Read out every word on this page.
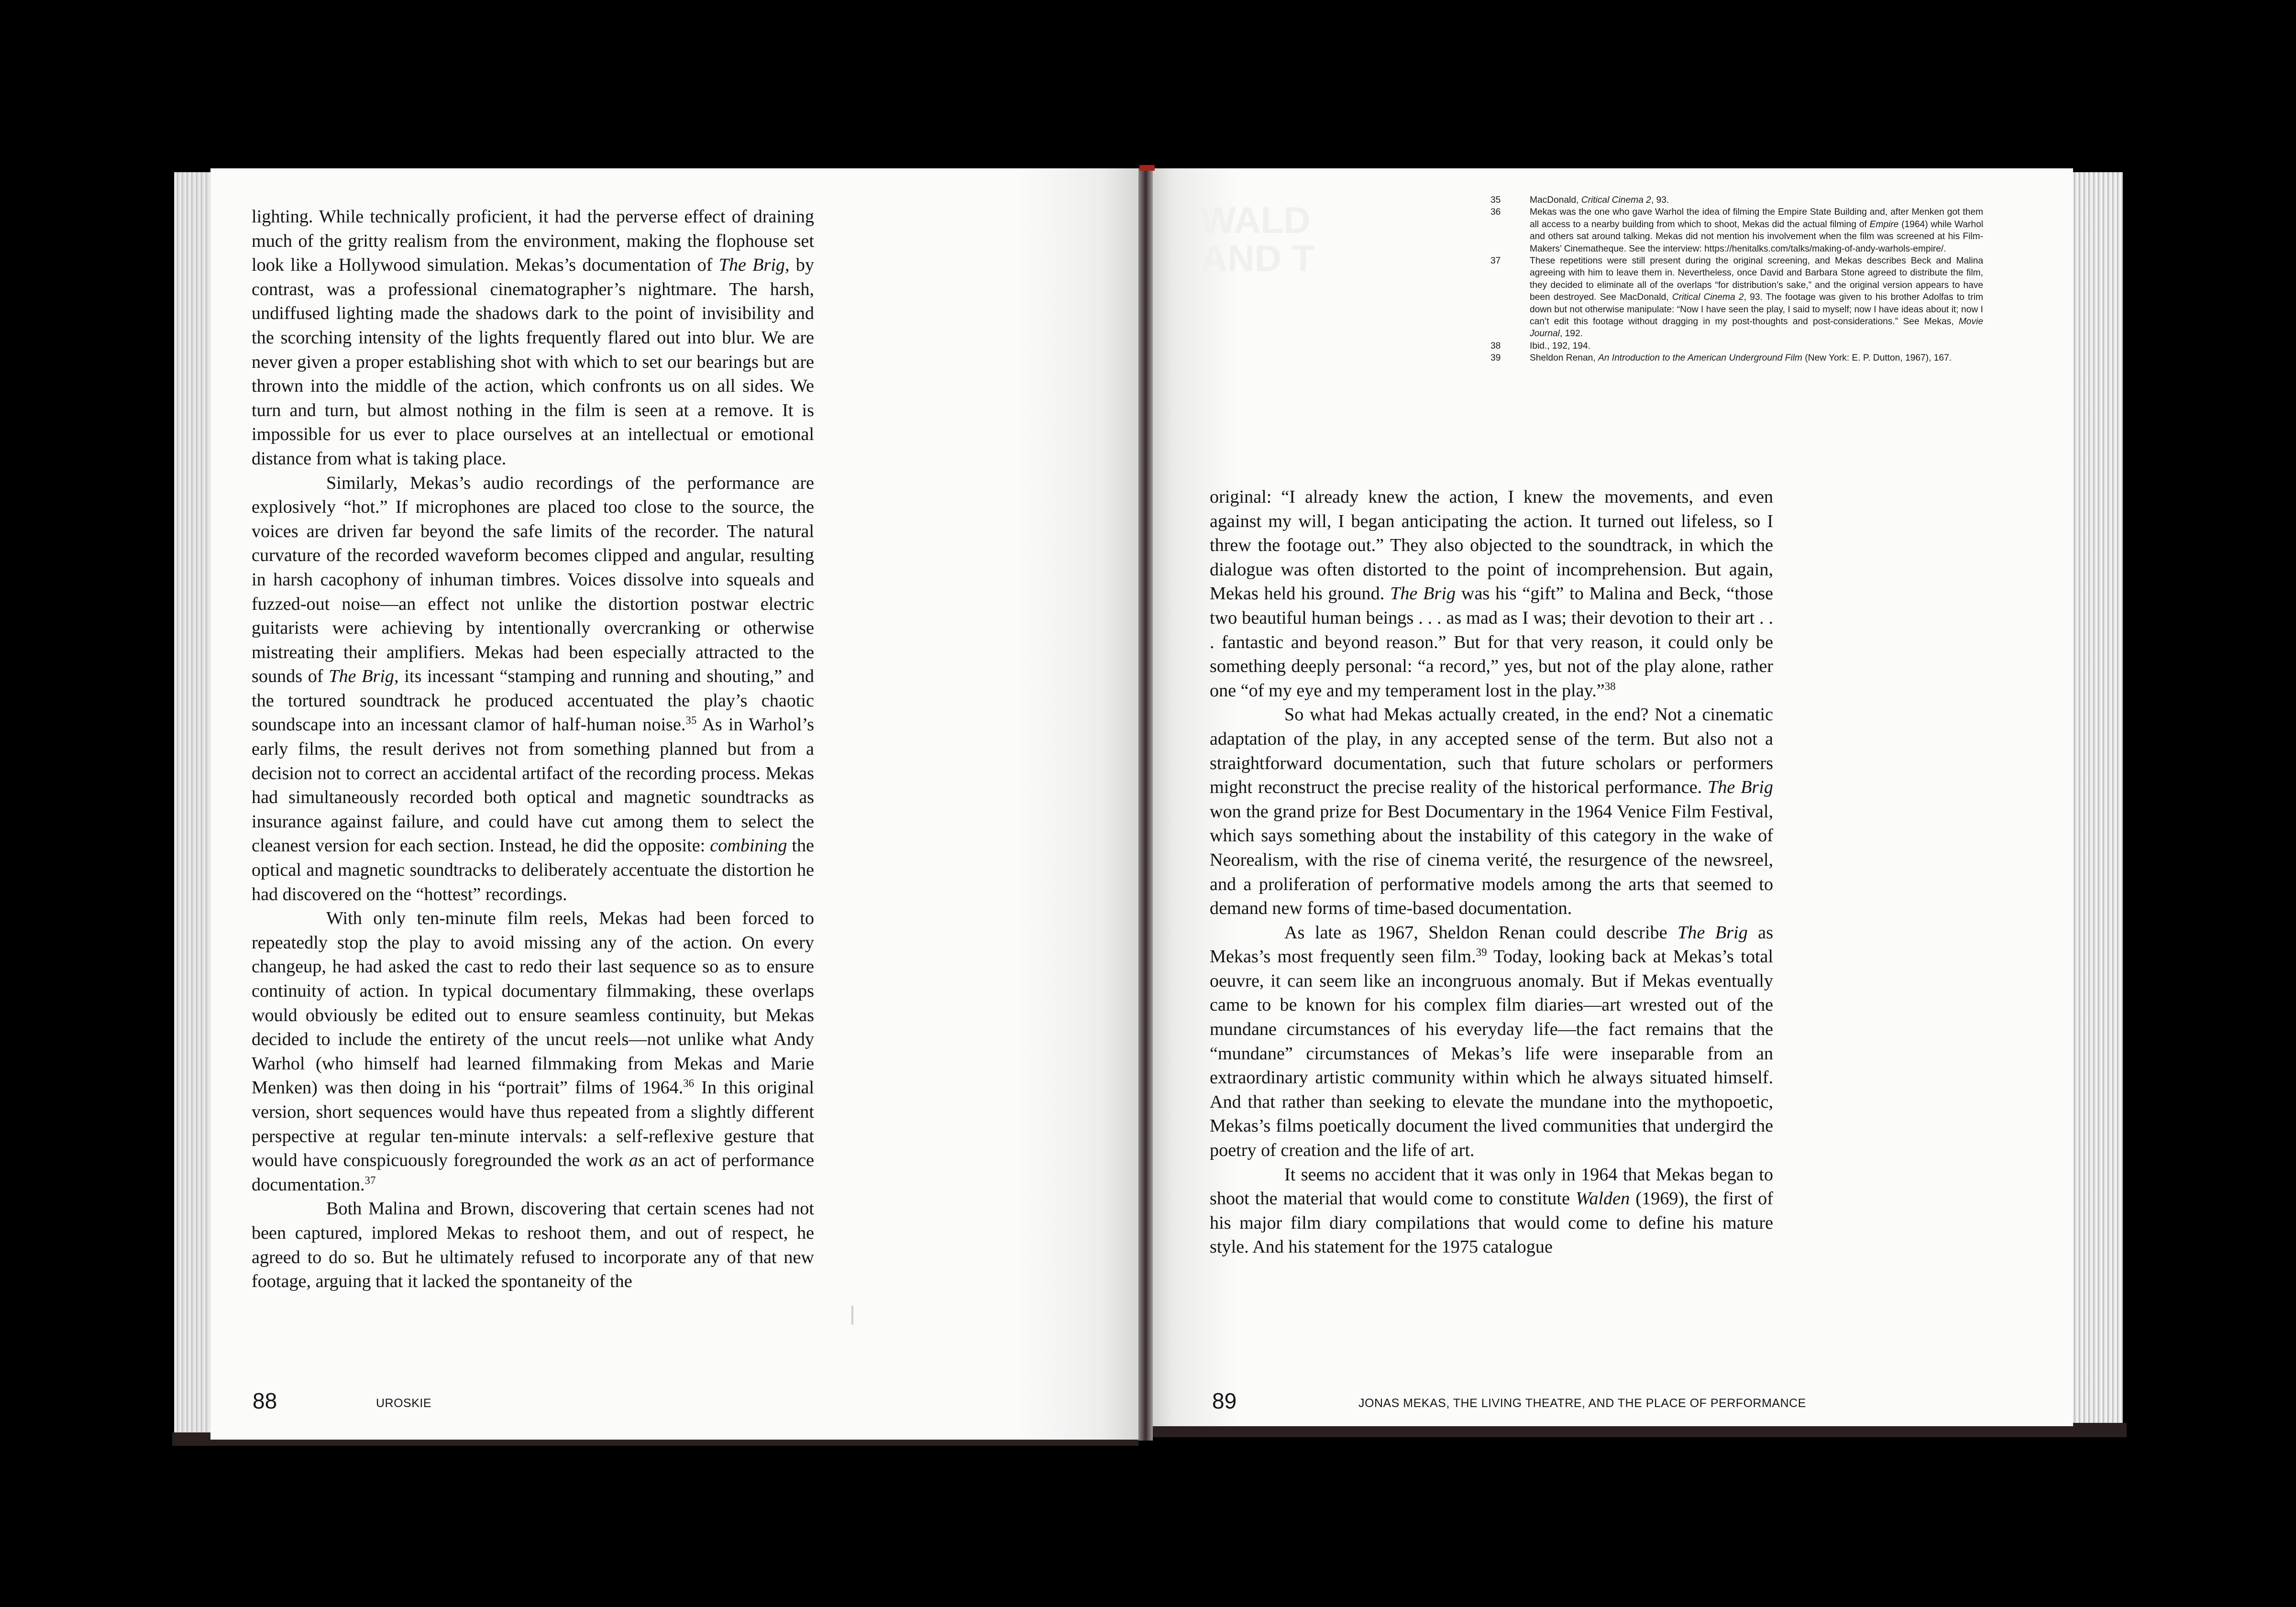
WALD
AND T

lighting. While technically proficient, it had the perverse effect of draining much of the gritty realism from the environment, making the flophouse set look like a Hollywood simulation. Mekas’s documentation of The Brig, by contrast, was a professional cinematographer’s nightmare. The harsh, undiffused lighting made the shadows dark to the point of invisibility and the scorching intensity of the lights frequently flared out into blur. We are never given a proper establishing shot with which to set our bearings but are thrown into the middle of the action, which confronts us on all sides. We turn and turn, but almost nothing in the film is seen at a remove. It is impossible for us ever to place ourselves at an intellectual or emotional distance from what is taking place.

Similarly, Mekas’s audio recordings of the performance are explosively “hot.” If microphones are placed too close to the source, the voices are driven far beyond the safe limits of the recorder. The natural curvature of the recorded waveform becomes clipped and angular, resulting in harsh cacophony of inhuman timbres. Voices dissolve into squeals and fuzzed-out noise—an effect not unlike the distortion postwar electric guitarists were achieving by intentionally overcranking or otherwise mistreating their amplifiers. Mekas had been especially attracted to the sounds of The Brig, its incessant “stamping and running and shouting,” and the tortured soundtrack he produced accentuated the play’s chaotic soundscape into an incessant clamor of half-human noise.$^{35}$ As in Warhol’s early films, the result derives not from something planned but from a decision not to correct an accidental artifact of the recording process. Mekas had simultaneously recorded both optical and magnetic soundtracks as insurance against failure, and could have cut among them to select the cleanest version for each section. Instead, he did the opposite: combining the optical and magnetic soundtracks to deliberately accentuate the distortion he had discovered on the “hottest” recordings.

With only ten-minute film reels, Mekas had been forced to repeatedly stop the play to avoid missing any of the action. On every changeup, he had asked the cast to redo their last sequence so as to ensure continuity of action. In typical documentary filmmaking, these overlaps would obviously be edited out to ensure seamless continuity, but Mekas decided to include the entirety of the uncut reels—not unlike what Andy Warhol (who himself had learned filmmaking from Mekas and Marie Menken) was then doing in his “portrait” films of 1964.36 In this original version, short sequences would have thus repeated from a slightly different perspective at regular ten-minute intervals: a self-reflexive gesture that would have conspicuously foregrounded the work as an act of performance documentation.$^{37}$

Both Malina and Brown, discovering that certain scenes had not been captured, implored Mekas to reshoot them, and out of respect, he agreed to do so. But he ultimately refused to incorporate any of that new footage, arguing that it lacked the spontaneity of the

35	MacDonald, Critical Cinema 2, 93.
36	Mekas was the one who gave Warhol the idea of filming the Empire State Building and, after Menken got them all access to a nearby building from which to shoot, Mekas did the actual filming of Empire (1964) while Warhol and others sat around talking. Mekas did not mention his involvement when the film was screened at his Film-Makers’ Cinematheque. See the interview: https://henitalks.com/talks/making-of-andy-warhols-empire/.
37	These repetitions were still present during the original screening, and Mekas describes Beck and Malina agreeing with him to leave them in. Nevertheless, once David and Barbara Stone agreed to distribute the film, they decided to eliminate all of the overlaps “for distribution’s sake,” and the original version appears to have been destroyed. See MacDonald, Critical Cinema 2, 93. The footage was given to his brother Adolfas to trim down but not otherwise manipulate: “Now I have seen the play, I said to myself; now I have ideas about it; now I can’t edit this footage without dragging in my post-thoughts and post-considerations.” See Mekas, Movie Journal, 192.
38	Ibid., 192, 194.
39	Sheldon Renan, An Introduction to the American Underground Film (New York: E. P. Dutton, 1967), 167.

original: “I already knew the action, I knew the movements, and even against my will, I began anticipating the action. It turned out lifeless, so I threw the footage out.” They also objected to the soundtrack, in which the dialogue was often distorted to the point of incomprehension. But again, Mekas held his ground. The Brig was his “gift” to Malina and Beck, “those two beautiful human beings . . . as mad as I was; their devotion to their art . . . fantastic and beyond reason.” But for that very reason, it could only be something deeply personal: “a record,” yes, but not of the play alone, rather one “of my eye and my temperament lost in the play.”$^{38}$

So what had Mekas actually created, in the end? Not a cinematic adaptation of the play, in any accepted sense of the term. But also not a straightforward documentation, such that future scholars or performers might reconstruct the precise reality of the historical performance. The Brig won the grand prize for Best Documentary in the 1964 Venice Film Festival, which says something about the instability of this category in the wake of Neorealism, with the rise of cinema verité, the resurgence of the newsreel, and a proliferation of performative models among the arts that seemed to demand new forms of time-based documentation.

As late as 1967, Sheldon Renan could describe The Brig as Mekas’s most frequently seen film.$^{39}$ Today, looking back at Mekas’s total oeuvre, it can seem like an incongruous anomaly. But if Mekas eventually came to be known for his complex film diaries—art wrested out of the mundane circumstances of his everyday life—the fact remains that the “mundane” circumstances of Mekas’s life were inseparable from an extraordinary artistic community within which he always situated himself. And that rather than seeking to elevate the mundane into the mythopoetic, Mekas’s films poetically document the lived communities that undergird the poetry of creation and the life of art.

It seems no accident that it was only in 1964 that Mekas began to shoot the material that would come to constitute Walden (1969), the first of his major film diary compilations that would come to define his mature style. And his statement for the 1975 catalogue

88	UROSKIE	89	JONAS MEKAS, THE LIVING THEATRE, AND THE PLACE OF PERFORMANCE
